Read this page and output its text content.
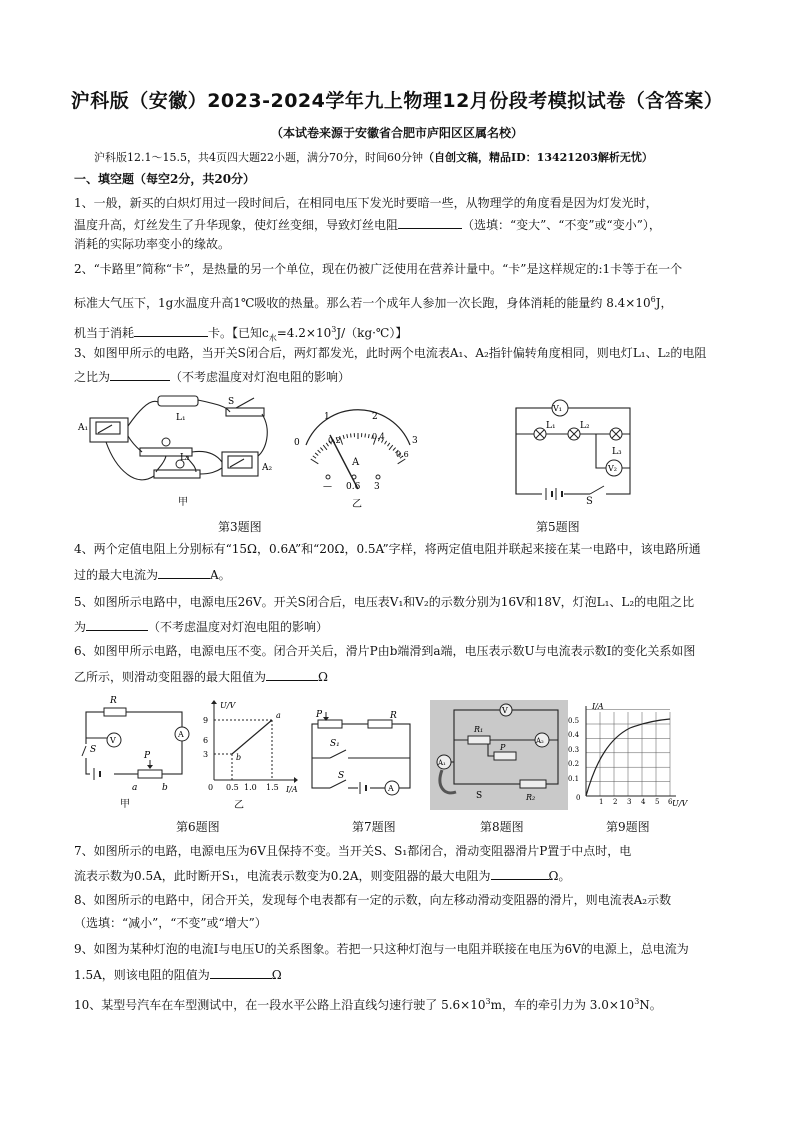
沪科版（安徽）2023-2024学年九上物理12月份段考模拟试卷（含答案）
（本试卷来源于安徽省合肥市庐阳区区属名校）
沪科版12.1～15.5，共4页四大题22小题，满分70分，时间60分钟（自创文稿，精品ID：13421203解析无忧）
一、填空题（每空2分，共20分）
1、一般，新买的白炽灯用过一段时间后，在相同电压下发光时要暗一些，从物理学的角度看是因为灯发光时，
温度升高，灯丝发生了升华现象，使灯丝变细，导致灯丝电阻	（选填：“变大”、“不变”或“变小”），
消耗的实际功率变小的缘故。
2、“卡路里”简称“卡”，是热量的另一个单位，现在仍被广泛使用在营养计量中。“卡”是这样规定的:1卡等于在一个
标准大气压下，1g水温度升高1℃吸收的热量。那么若一个成年人参加一次长跑，身体消耗的能量约 $8.4\times 10^6J$，
机当于消耗	卡。【已知$c_水=4.2\times 10^3J/(kg\cdot℃)$】
3、如图甲所示的电路，当开关S闭合后，两灯都发光，此时两个电流表A₁、A₂指针偏转角度相同，则电灯L₁、L₂的电阻
之比为	（不考虑温度对灯泡电阻的影响）
A₁
A₂
L₁
L₂
S
甲
0
1	2
3
0.2	0.4
0.6
A
— 0.6 3
乙
V₁
V₂
L₁	L₂
L₃
S
第3题图	第5题图
4、两个定值电阻上分别标有“15Ω，0.6A”和“20Ω，0.5A”字样，将两定值电阻并联起来接在某一电路中，该电路所通
过的最大电流为	A。
5、如图所示电路中，电源电压26V。开关S闭合后，电压表V₁和V₂的示数分别为16V和18V，灯泡L₁、L₂的电阻之比
为	（不考虑温度对灯泡电阻的影响）
6、如图甲所示电路，电源电压不变。闭合开关后，滑片P由b端滑到a端，电压表示数U与电流表示数I的变化关系如图
乙所示，则滑动变阻器的最大阻值为	Ω
R
V
A
S
P
a	b
甲
U/V
I/A
9
6
3
0 0.5 1.0 1.5
a
b
乙
P	R
S₁
S
A
V
R₁
A₁
A₂
P
S	R₂
I/A
U/V
0.5
0.4
0.3
0.2
0.1
0	1 2 3 4 5 6
第6题图	第7题图	第8题图	第9题图
7、如图所示的电路，电源电压为6V且保持不变。当开关S、S₁都闭合，滑动变阻器滑片P置于中点时，电
流表示数为0.5A，此时断开S₁，电流表示数变为0.2A，则变阻器的最大电阻为	Ω。
8、如图所示的电路中，闭合开关，发现每个电表都有一定的示数，向左移动滑动变阻器的滑片，则电流表A₂示数
（选填：“减小”，“不变”或“增大”）
9、如图为某种灯泡的电流I与电压U的关系图象。若把一只这种灯泡与一电阻并联接在电压为6V的电源上，总电流为
1.5A，则该电阻的阻值为	Ω
10、某型号汽车在车型测试中，在一段水平公路上沿直线匀速行驶了 $5.6\times 10^3m$，车的牵引力为 $3.0\times 10^3N$。
